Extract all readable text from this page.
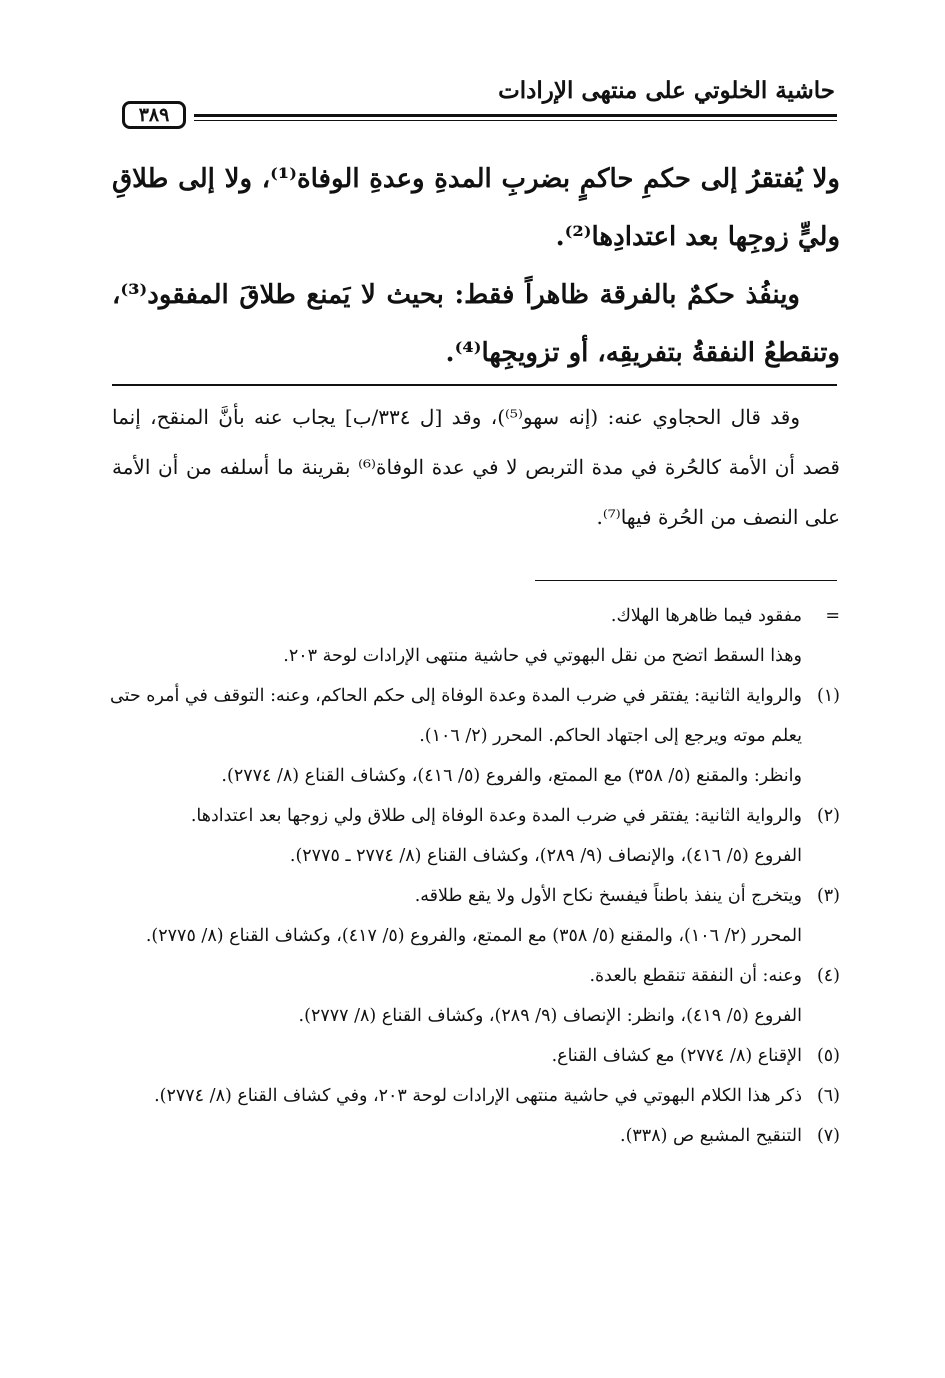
حاشية الخلوتي على منتهى الإرادات
٣٨٩

ولا يُفتقرُ إلى حكمِ حاكمٍ بضربِ المدةِ وعدةِ الوفاة⁽¹⁾، ولا إلى طلاقِ وليٍّ زوجِها بعد اعتدادِها⁽²⁾.

وينفُذ حكمٌ بالفرقة ظاهراً فقط: بحيث لا يَمنع طلاقَ المفقود⁽³⁾، وتنقطعُ النفقةُ بتفريقِه، أو تزويجِها⁽⁴⁾.

وقد قال الحجاوي عنه: (إنه سهو⁽⁵⁾)، وقد [ل ٣٣٤/ب] يجاب عنه بأنَّ المنقح، إنما قصد أن الأمة كالحُرة في مدة التربص لا في عدة الوفاة⁽⁶⁾ بقرينة ما أسلفه من أن الأمة على النصف من الحُرة فيها⁽⁷⁾.

=

مفقود فيما ظاهرها الهلاك.

وهذا السقط اتضح من نقل البهوتي في حاشية منتهى الإرادات لوحة ٢٠٣.

(١)

والرواية الثانية: يفتقر في ضرب المدة وعدة الوفاة إلى حكم الحاكم، وعنه: التوقف في أمره حتى يعلم موته ويرجع إلى اجتهاد الحاكم. المحرر (٢/ ١٠٦).

وانظر: والمقنع (٥/ ٣٥٨) مع الممتع، والفروع (٥/ ٤١٦)، وكشاف القناع (٨/ ٢٧٧٤).

(٢)

والرواية الثانية: يفتقر في ضرب المدة وعدة الوفاة إلى طلاق ولي زوجها بعد اعتدادها.

الفروع (٥/ ٤١٦)، والإنصاف (٩/ ٢٨٩)، وكشاف القناع (٨/ ٢٧٧٤ ـ ٢٧٧٥).

(٣)

ويتخرج أن ينفذ باطناً فيفسخ نكاح الأول ولا يقع طلاقه.

المحرر (٢/ ١٠٦)، والمقنع (٥/ ٣٥٨) مع الممتع، والفروع (٥/ ٤١٧)، وكشاف القناع (٨/ ٢٧٧٥).

(٤)

وعنه: أن النفقة تنقطع بالعدة.

الفروع (٥/ ٤١٩)، وانظر: الإنصاف (٩/ ٢٨٩)، وكشاف القناع (٨/ ٢٧٧٧).

(٥)

الإقناع (٨/ ٢٧٧٤) مع كشاف القناع.

(٦)

ذكر هذا الكلام البهوتي في حاشية منتهى الإرادات لوحة ٢٠٣، وفي كشاف القناع (٨/ ٢٧٧٤).

(٧)

التنقيح المشبع ص (٣٣٨).
